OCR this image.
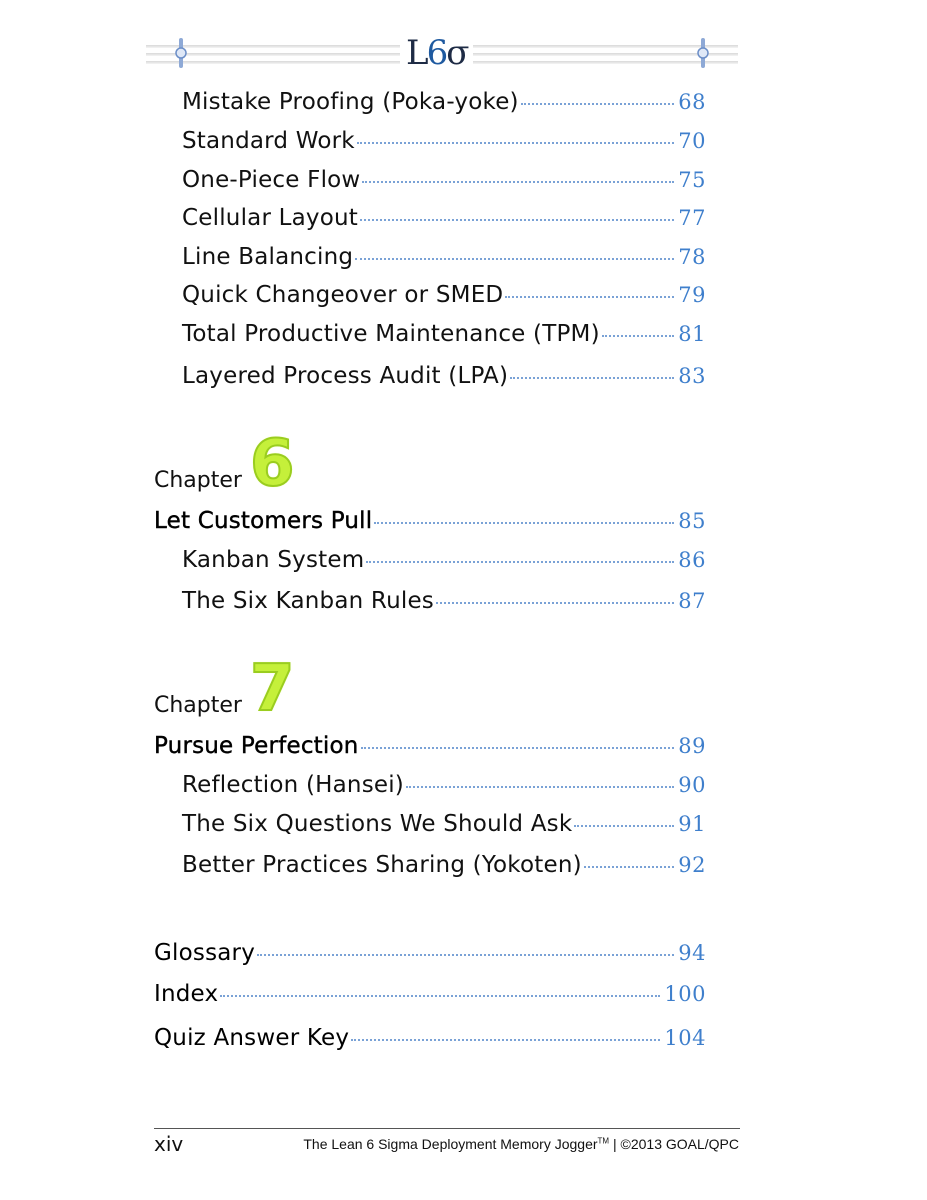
L6σ
Mistake Proofing (Poka-yoke)	68
Standard Work	70
One-Piece Flow	75
Cellular Layout	77
Line Balancing	78
Quick Changeover or SMED	79
Total Productive Maintenance (TPM)	81
Layered Process Audit (LPA)	83
Chapter 6
Let Customers Pull	85
Kanban System	86
The Six Kanban Rules	87
Chapter 7
Pursue Perfection	89
Reflection (Hansei)	90
The Six Questions We Should Ask	91
Better Practices Sharing (Yokoten)	92
Glossary	94
Index	100
Quiz Answer Key	104
xiv	The Lean 6 Sigma Deployment Memory Jogger™ | ©2013 GOAL/QPC
